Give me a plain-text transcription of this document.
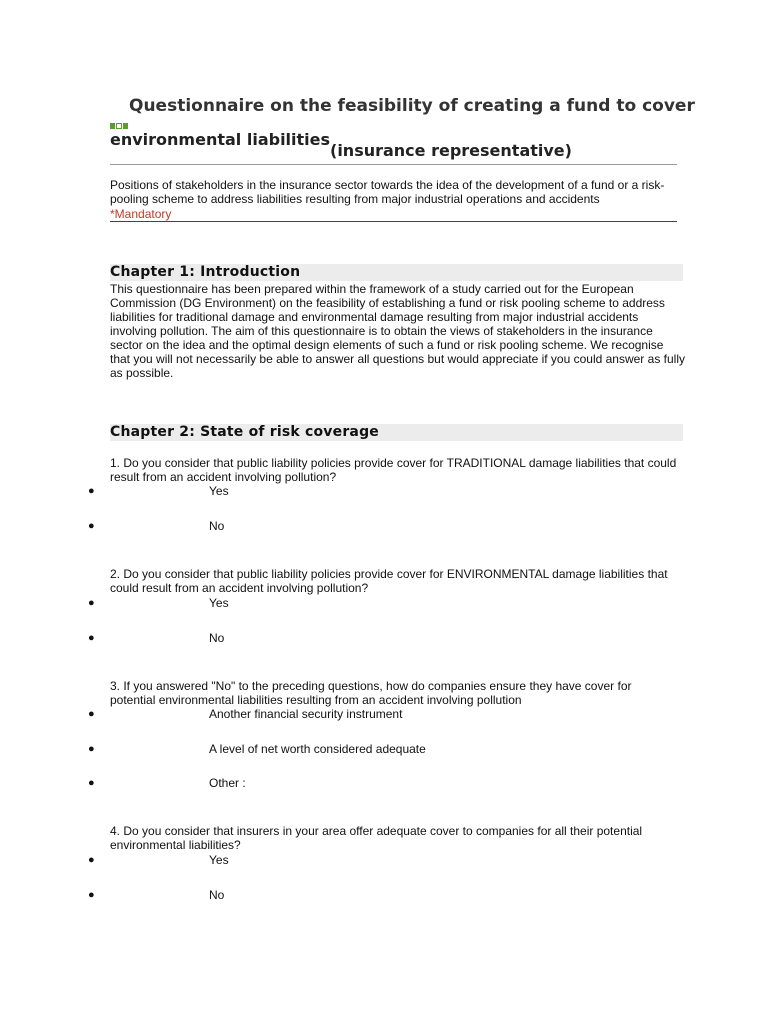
Questionnaire on the feasibility of creating a fund to cover
environmental liabilities
(insurance representative)
Positions of stakeholders in the insurance sector towards the idea of the development of a fund or a risk-pooling scheme to address liabilities resulting from major industrial operations and accidents
*Mandatory
Chapter 1: Introduction
This questionnaire has been prepared within the framework of a study carried out for the European Commission (DG Environment) on the feasibility of establishing a fund or risk pooling scheme to address liabilities for traditional damage and environmental damage resulting from major industrial accidents involving pollution. The aim of this questionnaire is to obtain the views of stakeholders in the insurance sector on the idea and the optimal design elements of such a fund or risk pooling scheme. We recognise that you will not necessarily be able to answer all questions but would appreciate if you could answer as fully as possible.
Chapter 2: State of risk coverage
1. Do you consider that public liability policies provide cover for TRADITIONAL damage liabilities that could result from an accident involving pollution?
●	Yes
●	No
2. Do you consider that public liability policies provide cover for ENVIRONMENTAL damage liabilities that could result from an accident involving pollution?
●	Yes
●	No
3. If you answered "No" to the preceding questions, how do companies ensure they have cover for potential environmental liabilities resulting from an accident involving pollution
●	Another financial security instrument
●	A level of net worth considered adequate
●	Other :
4. Do you consider that insurers in your area offer adequate cover to companies for all their potential environmental liabilities?
●	Yes
●	No
